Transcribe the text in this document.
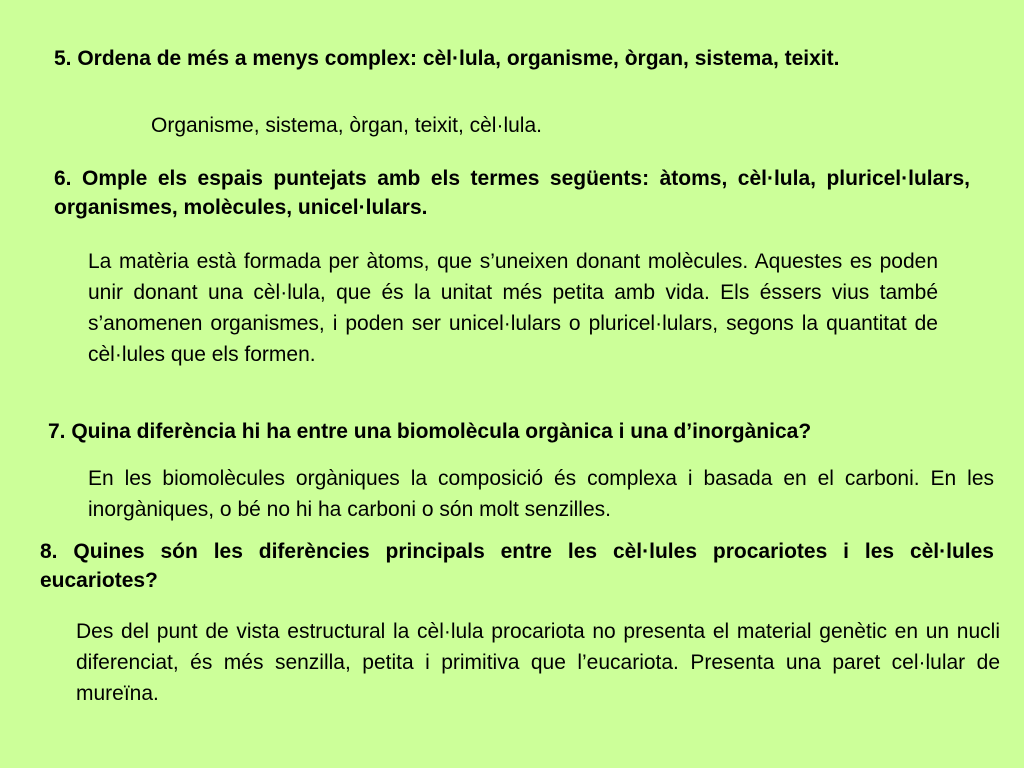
5. Ordena de més a menys complex: cèl·lula, organisme, òrgan, sistema, teixit.

Organisme, sistema, òrgan, teixit, cèl·lula.

6. Omple els espais puntejats amb els termes següents: àtoms, cèl·lula, pluricel·lulars, organismes, molècules, unicel·lulars.

La matèria està formada per àtoms, que s’uneixen donant molècules. Aquestes es poden unir donant una cèl·lula, que és la unitat més petita amb vida. Els éssers vius també s’anomenen organismes, i poden ser unicel·lulars o pluricel·lulars, segons la quantitat de cèl·lules que els formen.

7. Quina diferència hi ha entre una biomolècula orgànica i una d’inorgànica?

En les biomolècules orgàniques la composició és complexa i basada en el carboni. En les inorgàniques, o bé no hi ha carboni o són molt senzilles.

8. Quines són les diferències principals entre les cèl·lules procariotes i les cèl·lules eucariotes?

Des del punt de vista estructural la cèl·lula procariota no presenta el material genètic en un nucli diferenciat, és més senzilla, petita i primitiva que l’eucariota. Presenta una paret cel·lular de mureïna.
